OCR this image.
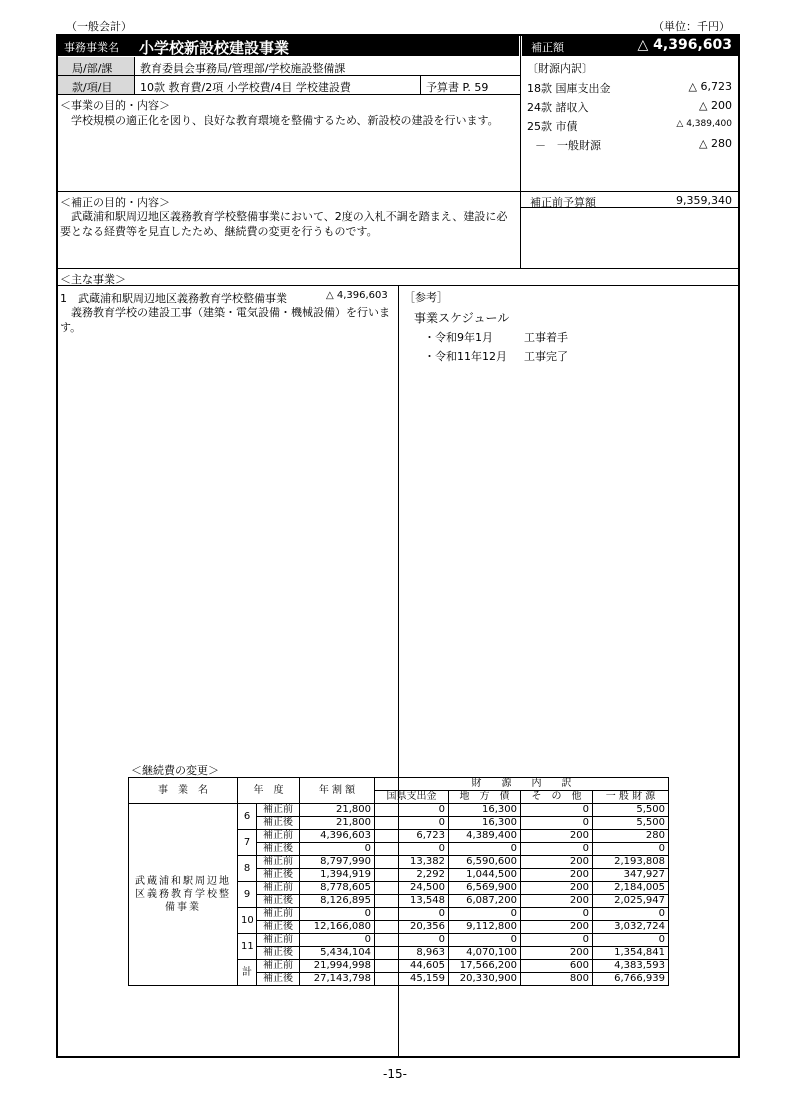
（一般会計）	（単位：千円）
事務事業名 小学校新設校建設事業	補正額	△ 4,396,603
局/部/課	教育委員会事務局/管理部/学校施設整備課
款/項/目	10款 教育費/2項 小学校費/4目 学校建設費	予算書 P. 59
〔財源内訳〕
18款 国庫支出金	△ 6,723
24款 諸収入	△ 200
25款 市債	△ 4,389,400
－　一般財源	△ 280
＜事業の目的・内容＞
　学校規模の適正化を図り、良好な教育環境を整備するため、新設校の建設を行います。
＜補正の目的・内容＞
　武蔵浦和駅周辺地区義務教育学校整備事業において、2度の入札不調を踏まえ、建設に必要となる経費等を見直したため、継続費の変更を行うものです。
補正前予算額	9,359,340
＜主な事業＞
1　武蔵浦和駅周辺地区義務教育学校整備事業	△ 4,396,603
　義務教育学校の建設工事（建築・電気設備・機械設備）を行います。
［参考］
事業スケジュール
・令和9年1月	工事着手
・令和11年12月 工事完了
＜継続費の変更＞
事　業　名	年　度		年 割 額	財　　源　　内　　訳			
				国県支出金	地　方　債	そ　の　他	一 般 財 源
武蔵浦和駅周辺地区義務教育学校整備事業	6	補正前	21,800	0	16,300	0	5,500
		補正後	21,800	0	16,300	0	5,500
	7	補正前	4,396,603	6,723	4,389,400	200	280
		補正後	0	0	0	0	0
	8	補正前	8,797,990	13,382	6,590,600	200	2,193,808
		補正後	1,394,919	2,292	1,044,500	200	347,927
	9	補正前	8,778,605	24,500	6,569,900	200	2,184,005
		補正後	8,126,895	13,548	6,087,200	200	2,025,947
	10	補正前	0	0	0	0	0
		補正後	12,166,080	20,356	9,112,800	200	3,032,724
	11	補正前	0	0	0	0	0
		補正後	5,434,104	8,963	4,070,100	200	1,354,841
	計	補正前	21,994,998	44,605	17,566,200	600	4,383,593
		補正後	27,143,798	45,159	20,330,900	800	6,766,939
-15-
